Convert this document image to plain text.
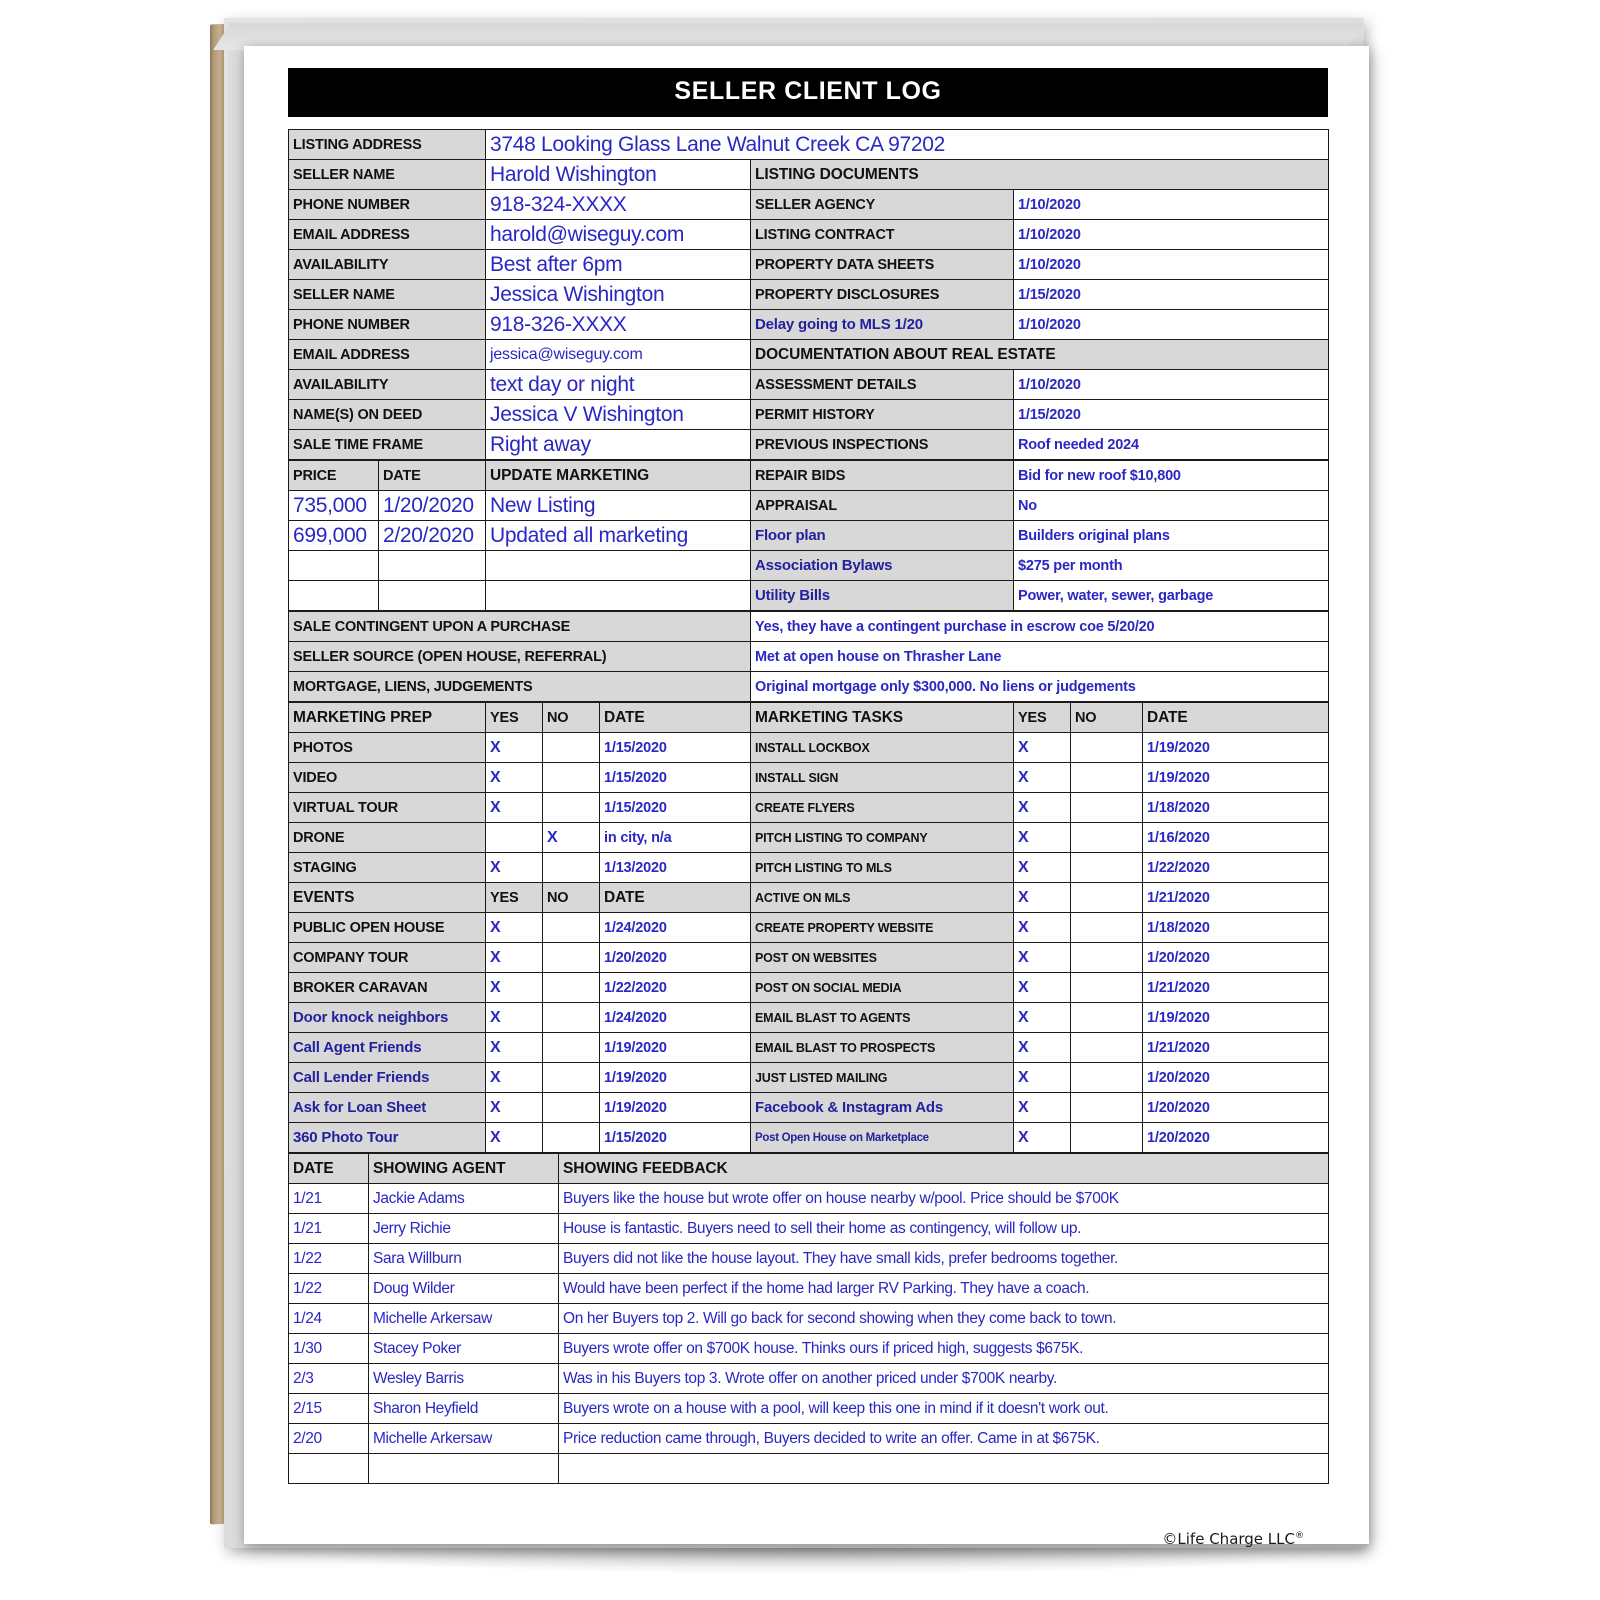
SELLER CLIENT LOG
LISTING ADDRESS	3748 Looking Glass Lane Walnut Creek CA 97202		
SELLER NAME	Harold Wishington	LISTING DOCUMENTS	
PHONE NUMBER	918-324-XXXX	SELLER AGENCY	1/10/2020
EMAIL ADDRESS	harold@wiseguy.com	LISTING CONTRACT	1/10/2020
AVAILABILITY	Best after 6pm	PROPERTY DATA SHEETS	1/10/2020
SELLER NAME	Jessica Wishington	PROPERTY DISCLOSURES	1/15/2020
PHONE NUMBER	918-326-XXXX	Delay going to MLS 1/20	1/10/2020
EMAIL ADDRESS	jessica@wiseguy.com	DOCUMENTATION ABOUT REAL ESTATE	
AVAILABILITY	text day or night	ASSESSMENT DETAILS	1/10/2020
NAME(S) ON DEED	Jessica V Wishington	PERMIT HISTORY	1/15/2020
SALE TIME FRAME	Right away	PREVIOUS INSPECTIONS	Roof needed 2024
PRICE	DATE	UPDATE MARKETING	REPAIR BIDS	Bid for new roof $10,800
735,000	1/20/2020	New Listing	APPRAISAL	No
699,000	2/20/2020	Updated all marketing	Floor plan	Builders original plans
			Association Bylaws	$275 per month
			Utility Bills	Power, water, sewer, garbage
SALE CONTINGENT UPON A PURCHASE	Yes, they have a contingent purchase in escrow coe 5/20/20
SELLER SOURCE (OPEN HOUSE, REFERRAL)	Met at open house on Thrasher Lane
MORTGAGE, LIENS, JUDGEMENTS	Original mortgage only $300,000. No liens or judgements
MARKETING PREP	YES	NO	DATE	MARKETING TASKS	YES	NO	DATE
PHOTOS	X		1/15/2020	INSTALL LOCKBOX	X		1/19/2020
VIDEO	X		1/15/2020	INSTALL SIGN	X		1/19/2020
VIRTUAL TOUR	X		1/15/2020	CREATE FLYERS	X		1/18/2020
DRONE		X	in city, n/a	PITCH LISTING TO COMPANY	X		1/16/2020
STAGING	X		1/13/2020	PITCH LISTING TO MLS	X		1/22/2020
EVENTS	YES	NO	DATE	ACTIVE ON MLS	X		1/21/2020
PUBLIC OPEN HOUSE	X		1/24/2020	CREATE PROPERTY WEBSITE	X		1/18/2020
COMPANY TOUR	X		1/20/2020	POST ON WEBSITES	X		1/20/2020
BROKER CARAVAN	X		1/22/2020	POST ON SOCIAL MEDIA	X		1/21/2020
Door knock neighbors	X		1/24/2020	EMAIL BLAST TO AGENTS	X		1/19/2020
Call Agent Friends	X		1/19/2020	EMAIL BLAST TO PROSPECTS	X		1/21/2020
Call Lender Friends	X		1/19/2020	JUST LISTED MAILING	X		1/20/2020
Ask for Loan Sheet	X		1/19/2020	Facebook & Instagram Ads	X		1/20/2020
360 Photo Tour	X		1/15/2020	Post Open House on Marketplace	X		1/20/2020
DATE	SHOWING AGENT	SHOWING FEEDBACK
1/21	Jackie Adams	Buyers like the house but wrote offer on house nearby w/pool. Price should be $700K
1/21	Jerry Richie	House is fantastic. Buyers need to sell their home as contingency, will follow up.
1/22	Sara Willburn	Buyers did not like the house layout. They have small kids, prefer bedrooms together.
1/22	Doug Wilder	Would have been perfect if the home had larger RV Parking. They have a coach.
1/24	Michelle Arkersaw	On her Buyers top 2. Will go back for second showing when they come back to town.
1/30	Stacey Poker	Buyers wrote offer on $700K house. Thinks ours if priced high, suggests $675K.
2/3	Wesley Barris	Was in his Buyers top 3. Wrote offer on another priced under $700K nearby.
2/15	Sharon Heyfield	Buyers wrote on a house with a pool, will keep this one in mind if it doesn't work out.
2/20	Michelle Arkersaw	Price reduction came through, Buyers decided to write an offer. Came in at $675K.

©Life Charge LLC®
